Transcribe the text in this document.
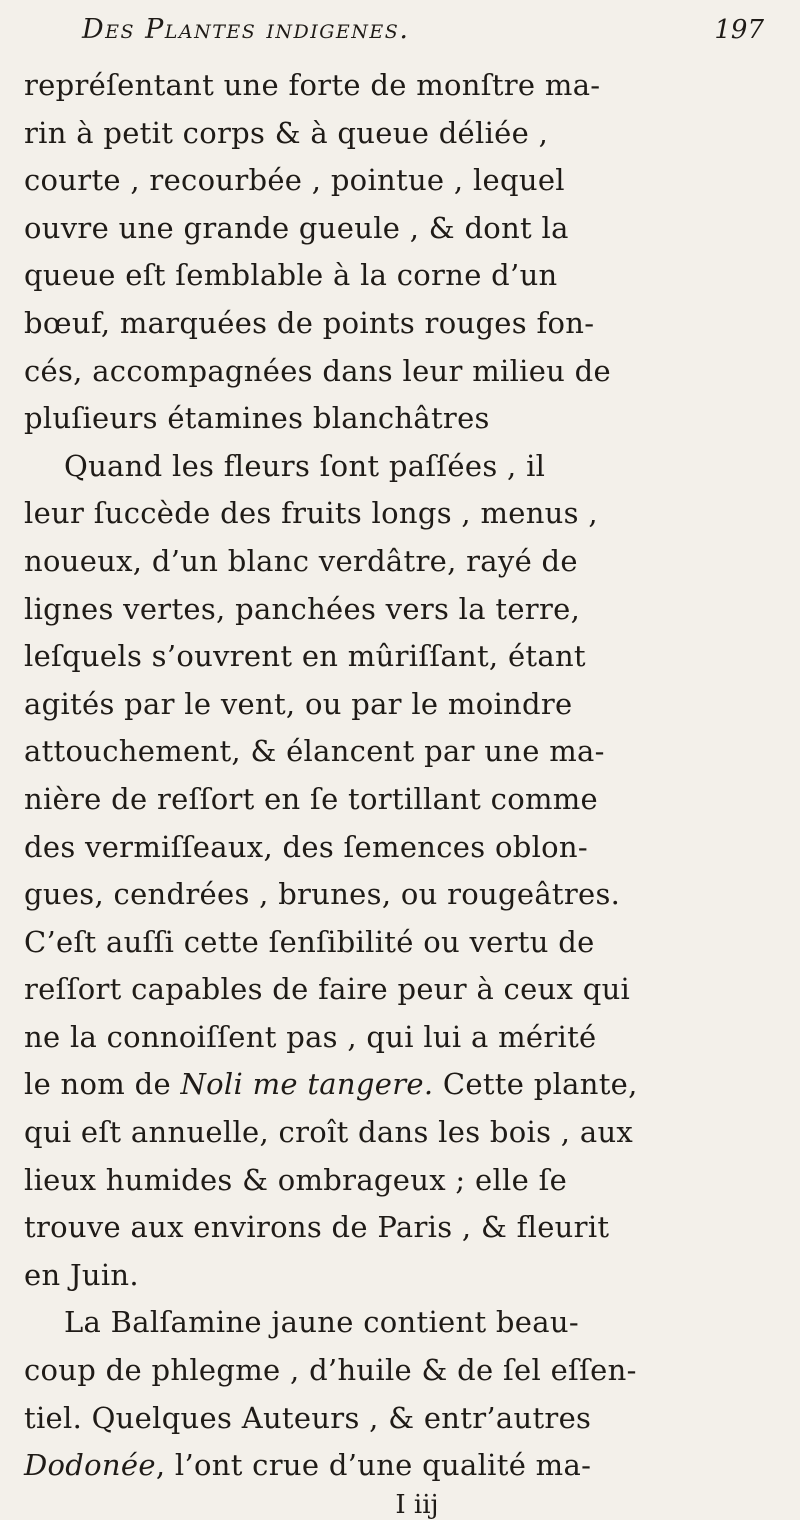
Des Plantes indigenes.	197
repréſentant une forte de monſtre ma-
rin à petit corps & à queue déliée ,
courte , recourbée , pointue , lequel
ouvre une grande gueule , & dont la
queue eſt ſemblable à la corne d’un
bœuf, marquées de points rouges fon-
cés, accompagnées dans leur milieu de
pluſieurs étamines blanchâtres
Quand les fleurs ſont paſſées , il
leur ſuccède des fruits longs , menus ,
noueux, d’un blanc verdâtre, rayé de
lignes vertes, panchées vers la terre,
leſquels s’ouvrent en mûriſſant, étant
agités par le vent, ou par le moindre
attouchement, & élancent par une ma-
nière de reſſort en ſe tortillant comme
des vermiſſeaux, des ſemences oblon-
gues, cendrées , brunes, ou rougeâtres.
C’eſt auſſi cette ſenſibilité ou vertu de
reſſort capables de faire peur à ceux qui
ne la connoiſſent pas , qui lui a mérité
le nom de Noli me tangere. Cette plante,
qui eſt annuelle, croît dans les bois , aux
lieux humides & ombrageux ; elle ſe
trouve aux environs de Paris , & fleurit
en Juin.
La Balſamine jaune contient beau-
coup de phlegme , d’huile & de ſel eſſen-
tiel. Quelques Auteurs , & entr’autres
Dodonée, l’ont crue d’une qualité ma-
I iij
